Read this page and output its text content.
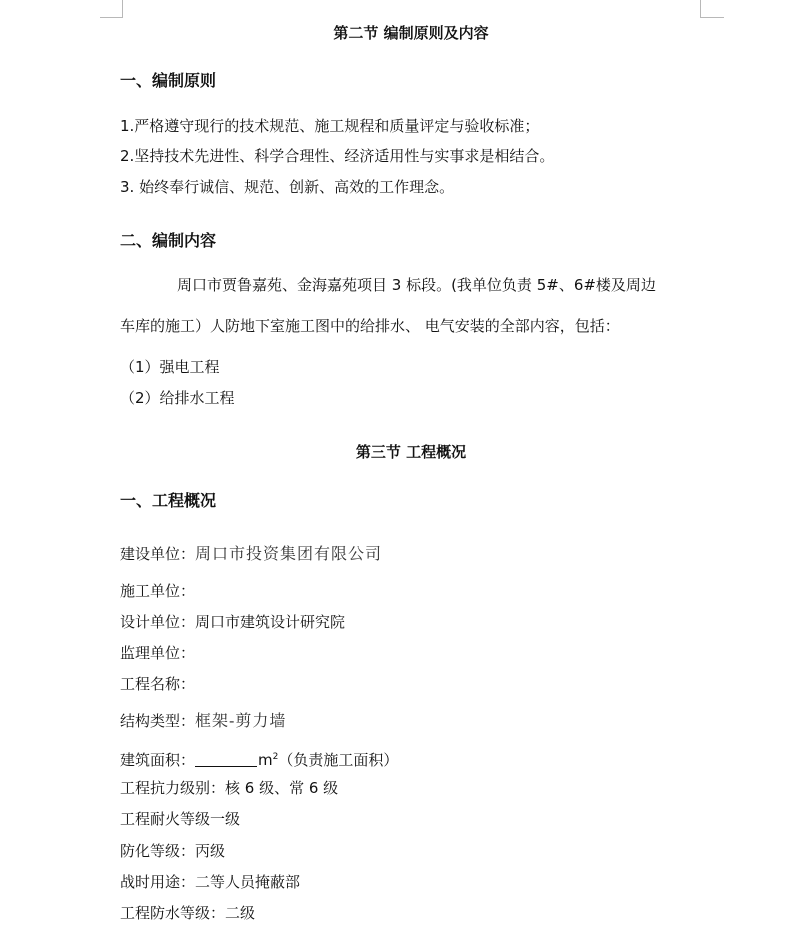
第二节 编制原则及内容
一、编制原则
1.严格遵守现行的技术规范、施工规程和质量评定与验收标准；
2.坚持技术先进性、科学合理性、经济适用性与实事求是相结合。
3. 始终奉行诚信、规范、创新、高效的工作理念。
二、编制内容
周口市贾鲁嘉苑、金海嘉苑项目 3 标段。(我单位负责 5#、6#楼及周边
车库的施工）人防地下室施工图中的给排水、 电气安装的全部内容，包括：
（1）强电工程
（2）给排水工程
第三节 工程概况
一、工程概况
建设单位：周口市投资集团有限公司
施工单位：
设计单位：周口市建筑设计研究院
监理单位：
工程名称：
结构类型：框架-剪力墙
建筑面积：	$m^2$（负责施工面积）
工程抗力级别：核 6 级、常 6 级
工程耐火等级一级
防化等级：丙级
战时用途：二等人员掩蔽部
工程防水等级：二级
